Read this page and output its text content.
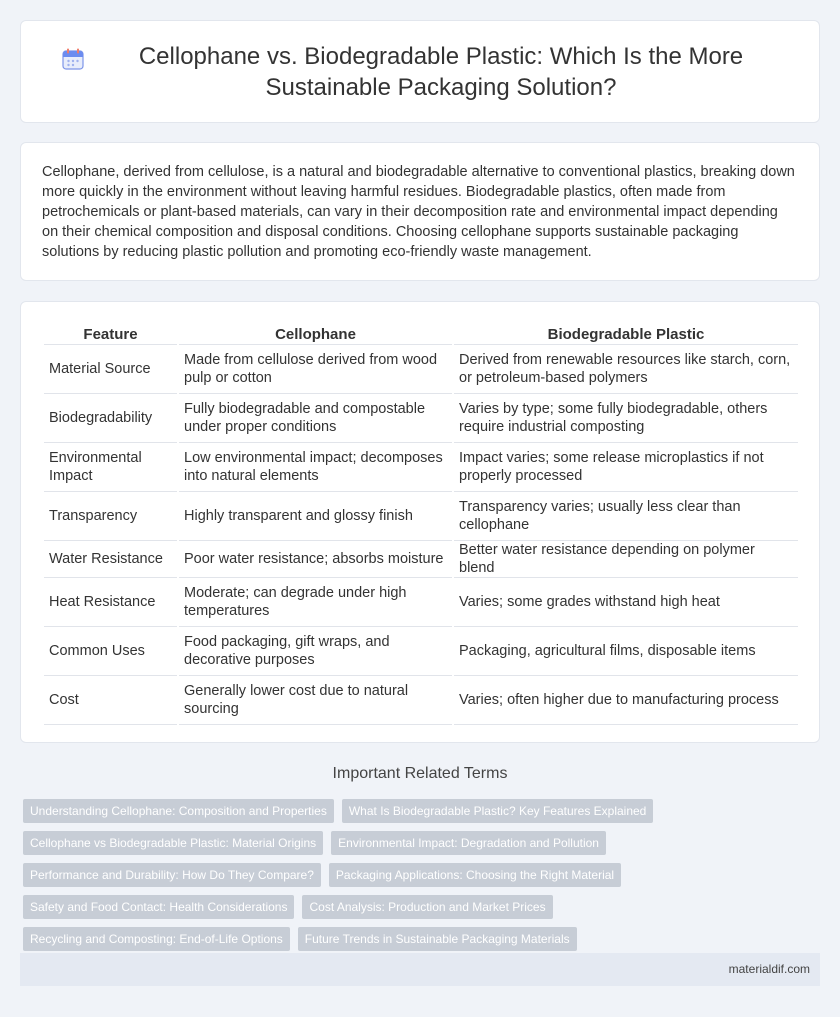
Cellophane vs. Biodegradable Plastic: Which Is the More Sustainable Packaging Solution?

Cellophane, derived from cellulose, is a natural and biodegradable alternative to conventional plastics, breaking down more quickly in the environment without leaving harmful residues. Biodegradable plastics, often made from petrochemicals or plant-based materials, can vary in their decomposition rate and environmental impact depending on their chemical composition and disposal conditions. Choosing cellophane supports sustainable packaging solutions by reducing plastic pollution and promoting eco-friendly waste management.

Feature	Cellophane	Biodegradable Plastic
Material Source	Made from cellulose derived from wood pulp or cotton	Derived from renewable resources like starch, corn, or petroleum-based polymers
Biodegradability	Fully biodegradable and compostable under proper conditions	Varies by type; some fully biodegradable, others require industrial composting
Environmental Impact	Low environmental impact; decomposes into natural elements	Impact varies; some release microplastics if not properly processed
Transparency	Highly transparent and glossy finish	Transparency varies; usually less clear than cellophane
Water Resistance	Poor water resistance; absorbs moisture	Better water resistance depending on polymer blend
Heat Resistance	Moderate; can degrade under high temperatures	Varies; some grades withstand high heat
Common Uses	Food packaging, gift wraps, and decorative purposes	Packaging, agricultural films, disposable items
Cost	Generally lower cost due to natural sourcing	Varies; often higher due to manufacturing process
Important Related Terms
Understanding Cellophane: Composition and Properties	What Is Biodegradable Plastic? Key Features Explained
Cellophane vs Biodegradable Plastic: Material Origins	Environmental Impact: Degradation and Pollution
Performance and Durability: How Do They Compare?	Packaging Applications: Choosing the Right Material
Safety and Food Contact: Health Considerations	Cost Analysis: Production and Market Prices
Recycling and Composting: End-of-Life Options	Future Trends in Sustainable Packaging Materials
materialdif.com
